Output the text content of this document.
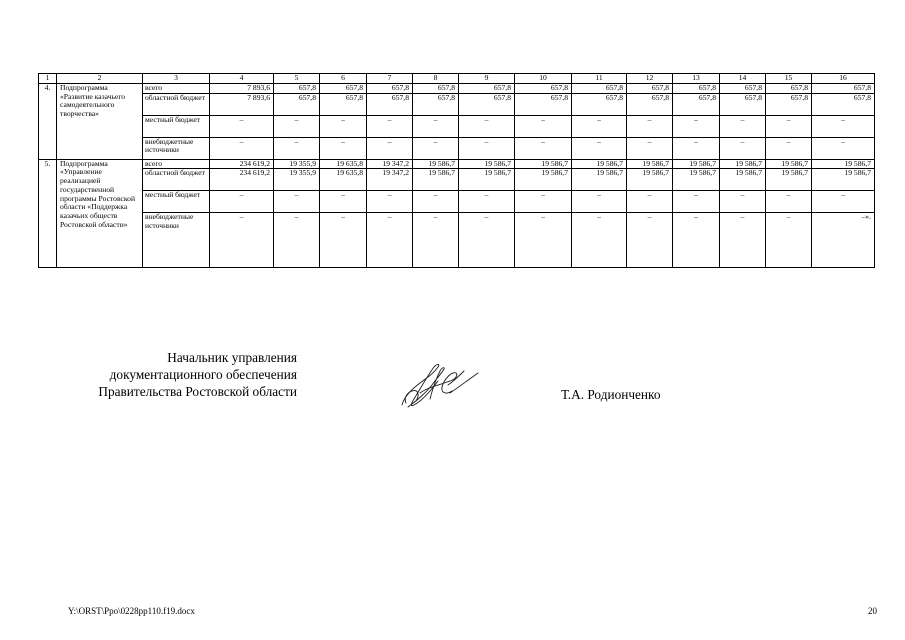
1	2	3	4	5	6	7	8	9	10	11	12	13	14	15	16
4.	Подпрограмма «Развитие казачьего самодеятельного творчества»	всего	7 893,6	657,8	657,8	657,8	657,8	657,8	657,8	657,8	657,8	657,8	657,8	657,8	657,8
		областной бюджет	7 893,6	657,8	657,8	657,8	657,8	657,8	657,8	657,8	657,8	657,8	657,8	657,8	657,8
		местный бюджет	–	–	–	–	–	–	–	–	–	–	–	–	–
		внебюджетные источники	–	–	–	–	–	–	–	–	–	–	–	–	–
5.	Подпрограмма «Управление реализацией государственной программы Ростовской области «Поддержка казачьих обществ Ростовской области»	всего	234 619,2	19 355,9	19 635,8	19 347,2	19 586,7	19 586,7	19 586,7	19 586,7	19 586,7	19 586,7	19 586,7	19 586,7	19 586,7
		областной бюджет	234 619,2	19 355,9	19 635,8	19 347,2	19 586,7	19 586,7	19 586,7	19 586,7	19 586,7	19 586,7	19 586,7	19 586,7	19 586,7
		местный бюджет	–	–	–	–	–	–	–	–	–	–	–	–	–
		внебюджетные источники	–	–	–	–	–	–	–	–	–	–	–	–	–».
Начальник управления
документационного обеспечения
Правительства Ростовской области	Т.А. Родионченко
Y:\ORST\Ppo\0228pp110.f19.docx	20
